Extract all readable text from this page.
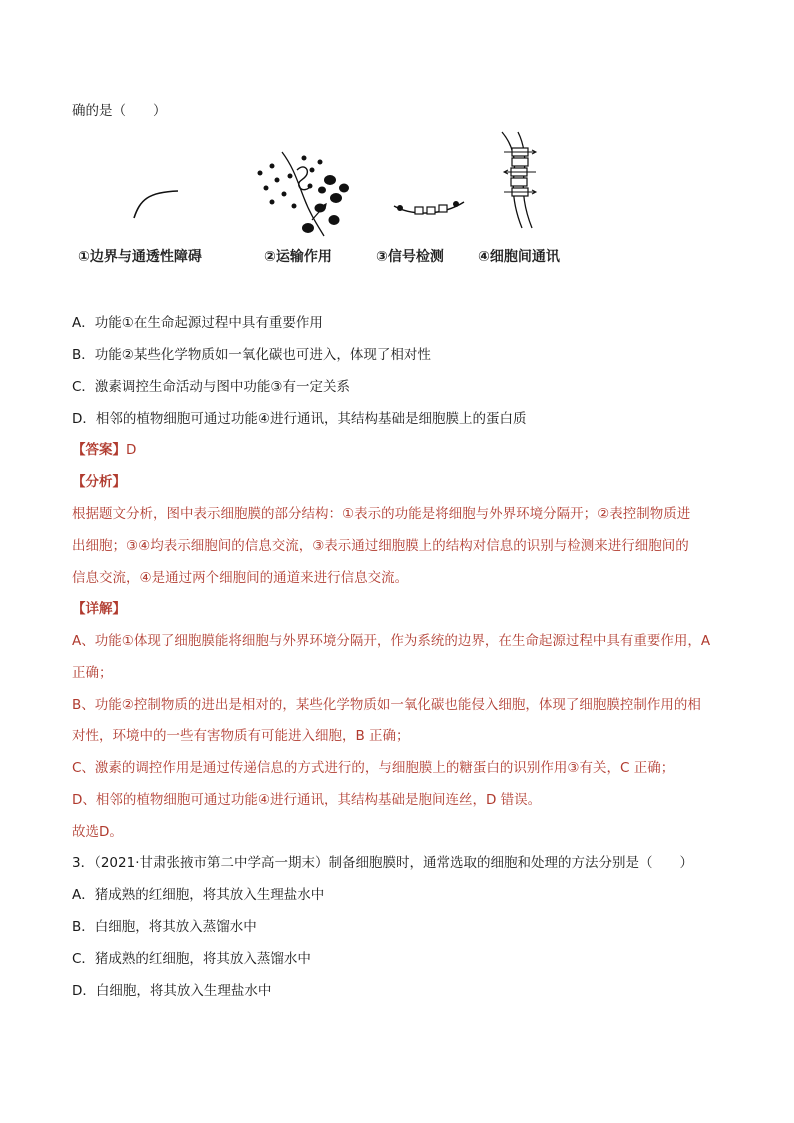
确的是（　　）
①边界与通透性障碍	②运输作用	③信号检测 ④细胞间通讯
A．功能①在生命起源过程中具有重要作用
B．功能②某些化学物质如一氧化碳也可进入，体现了相对性
C．激素调控生命活动与图中功能③有一定关系
D．相邻的植物细胞可通过功能④进行通讯，其结构基础是细胞膜上的蛋白质
【答案】D
【分析】
根据题文分析，图中表示细胞膜的部分结构：①表示的功能是将细胞与外界环境分隔开；②表控制物质进
出细胞；③④均表示细胞间的信息交流，③表示通过细胞膜上的结构对信息的识别与检测来进行细胞间的
信息交流，④是通过两个细胞间的通道来进行信息交流。
【详解】
A、功能①体现了细胞膜能将细胞与外界环境分隔开，作为系统的边界，在生命起源过程中具有重要作用，A
正确；
B、功能②控制物质的进出是相对的，某些化学物质如一氧化碳也能侵入细胞，体现了细胞膜控制作用的相
对性，环境中的一些有害物质有可能进入细胞，B 正确；
C、激素的调控作用是通过传递信息的方式进行的，与细胞膜上的糖蛋白的识别作用③有关，C 正确；
D、相邻的植物细胞可通过功能④进行通讯，其结构基础是胞间连丝，D 错误。
故选D。
3．（2021·甘肃张掖市第二中学高一期末）制备细胞膜时，通常选取的细胞和处理的方法分别是（　　）
A．猪成熟的红细胞，将其放入生理盐水中
B．白细胞，将其放入蒸馏水中
C．猪成熟的红细胞，将其放入蒸馏水中
D．白细胞，将其放入生理盐水中
